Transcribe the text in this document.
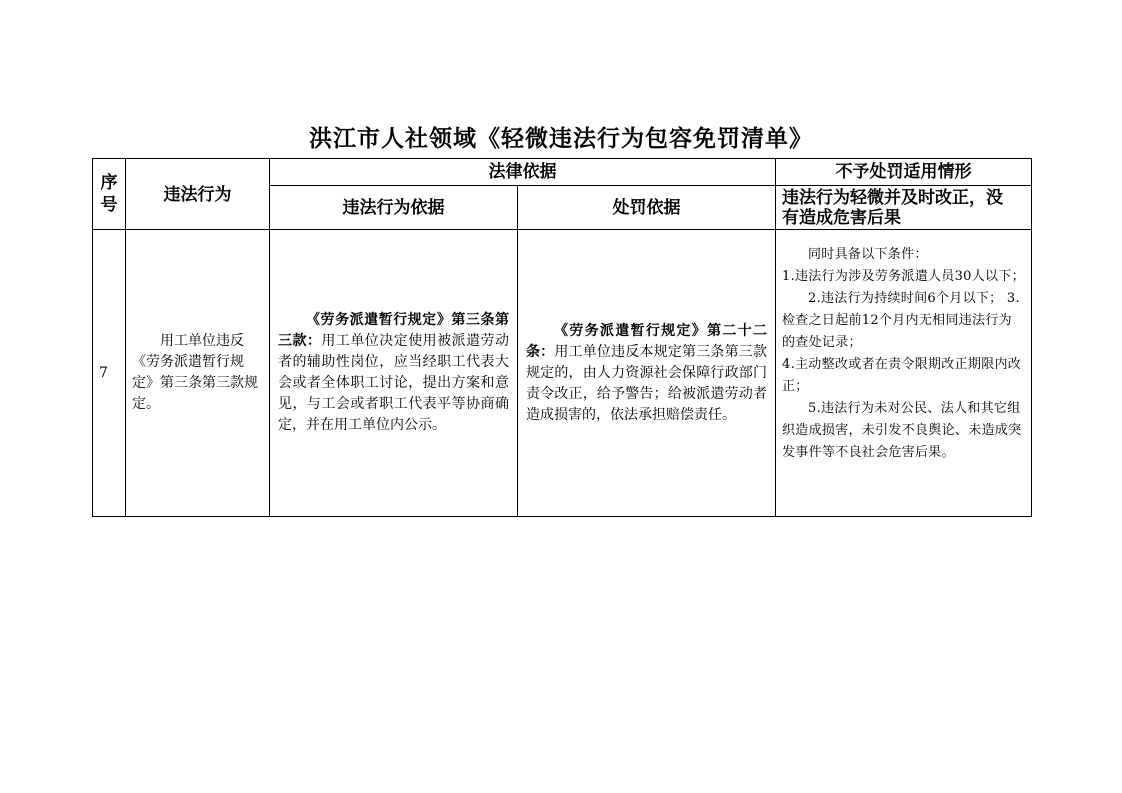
洪江市人社领域《轻微违法行为包容免罚清单》
序号	违法行为	法律依据		不予处罚适用情形
		违法行为依据	处罚依据	违法行为轻微并及时改正，没有造成危害后果
7	用工单位违反《劳务派遣暂行规定》第三条第三款规定。	《劳务派遣暂行规定》第三条第三款：用工单位决定使用被派遣劳动者的辅助性岗位，应当经职工代表大会或者全体职工讨论，提出方案和意见，与工会或者职工代表平等协商确定，并在用工单位内公示。	《劳务派遣暂行规定》第二十二条：用工单位违反本规定第三条第三款规定的，由人力资源社会保障行政部门责令改正，给予警告；给被派遣劳动者造成损害的，依法承担赔偿责任。	同时具备以下条件：

1.违法行为涉及劳务派遣人员30人以下；

2.违法行为持续时间6个月以下； 3.检查之日起前12个月内无相同违法行为的查处记录；

4.主动整改或者在责令限期改正期限内改正；

5.违法行为未对公民、法人和其它组织造成损害，未引发不良舆论、未造成突发事件等不良社会危害后果。
